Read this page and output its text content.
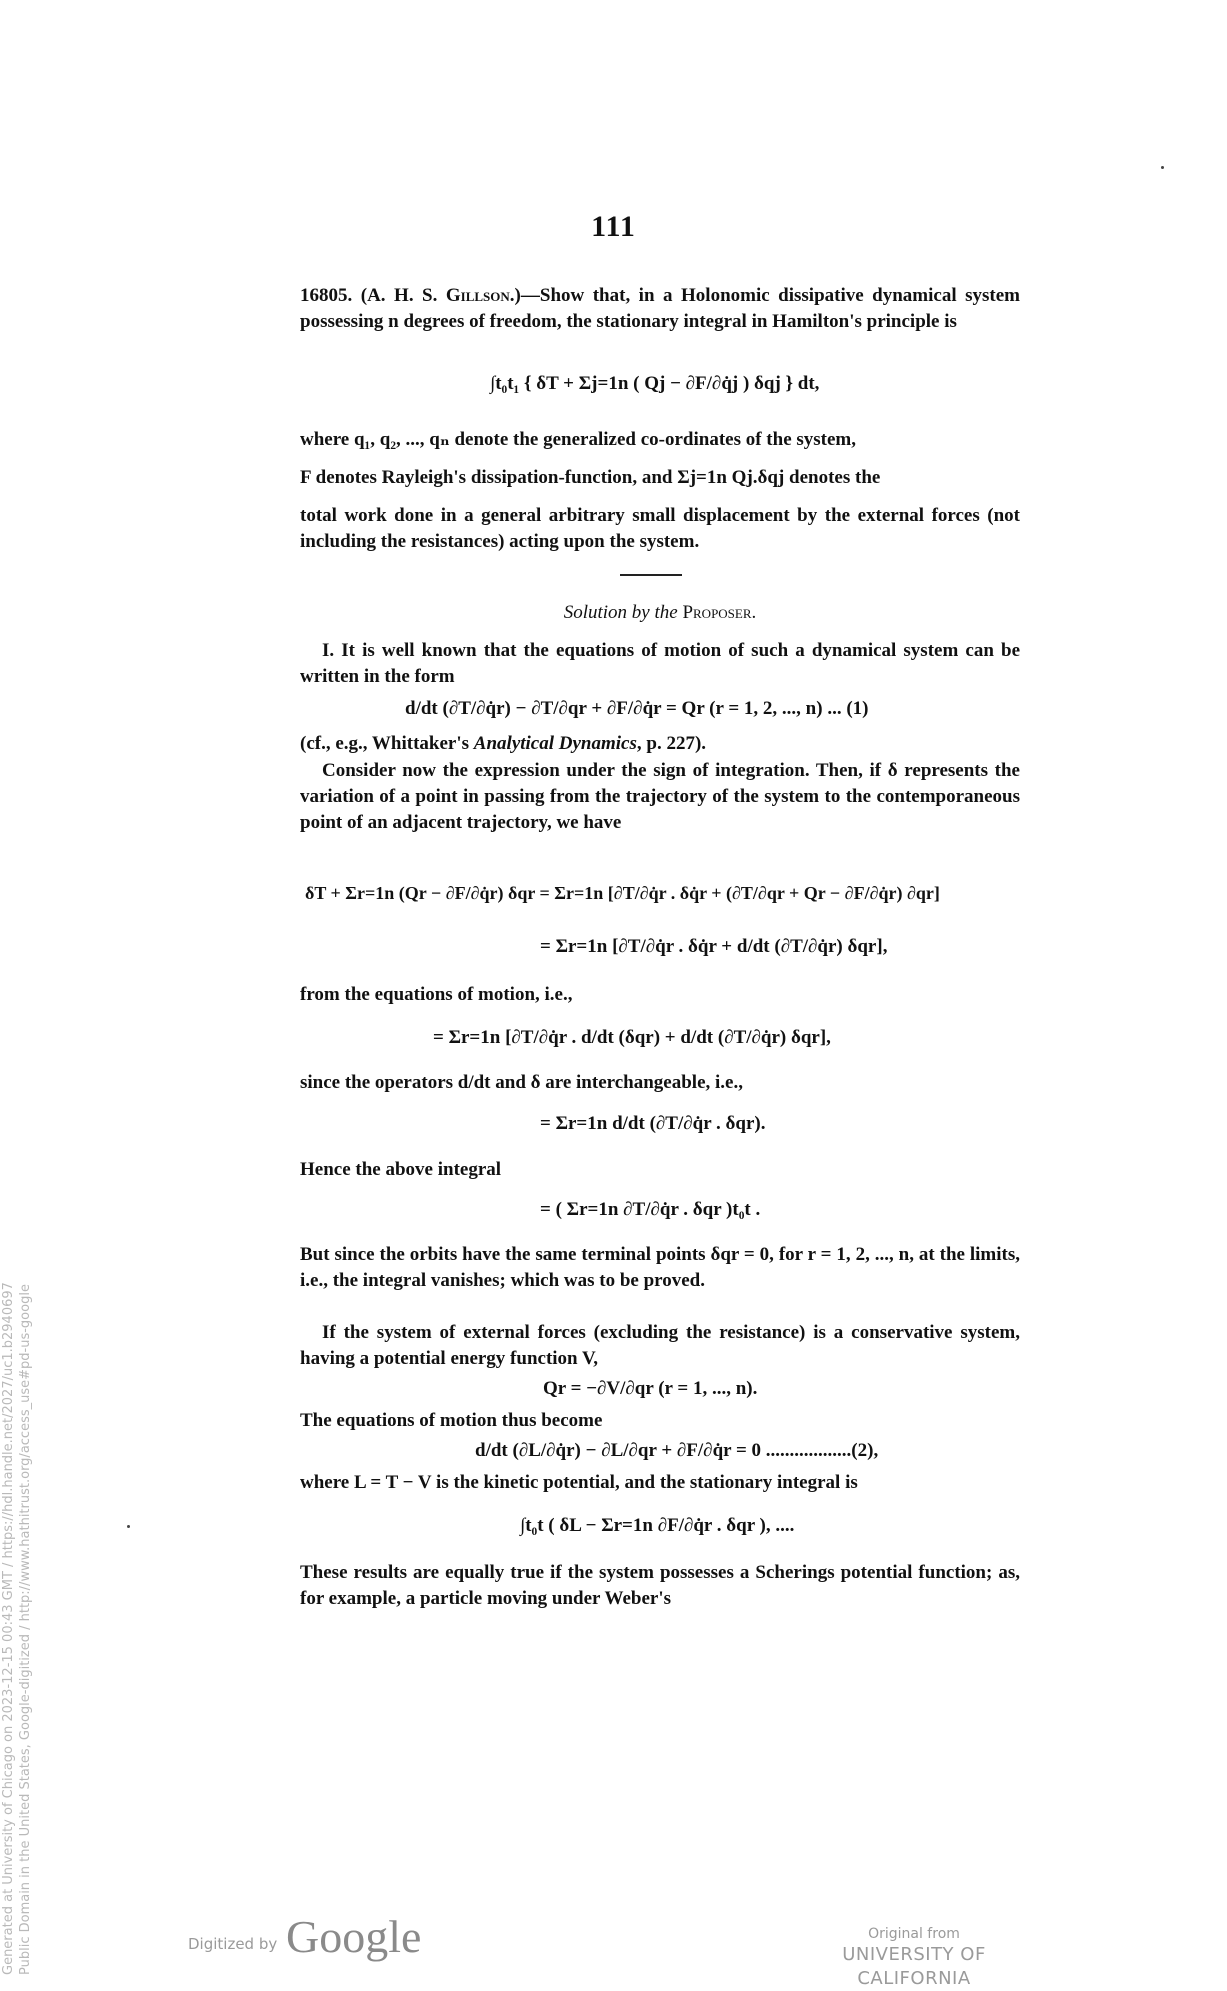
111

16805. (A. H. S. Gillson.)—Show that, in a Holonomic dissipative dynamical system possessing n degrees of freedom, the stationary integral in Hamilton's principle is

∫t₀t₁ { δT + Σj=1n ( Qj − ∂F/∂q̇j ) δqj } dt,

where q₁, q₂, ..., qₙ denote the generalized co-ordinates of the system,

F denotes Rayleigh's dissipation-function, and Σj=1n Qj.δqj denotes the

total work done in a general arbitrary small displacement by the external forces (not including the resistances) acting upon the system.

Solution by the Proposer.

I. It is well known that the equations of motion of such a dynamical system can be written in the form

d/dt (∂T/∂q̇r) − ∂T/∂qr + ∂F/∂q̇r = Qr (r = 1, 2, ..., n) ... (1)
(cf., e.g., Whittaker's Analytical Dynamics, p. 227).

Consider now the expression under the sign of integration. Then, if δ represents the variation of a point in passing from the trajectory of the system to the contemporaneous point of an adjacent trajectory, we have

δT + Σr=1n (Qr − ∂F/∂q̇r) δqr = Σr=1n [∂T/∂q̇r . δq̇r + (∂T/∂qr + Qr − ∂F/∂q̇r) ∂qr]
= Σr=1n [∂T/∂q̇r . δq̇r + d/dt (∂T/∂q̇r) δqr],
from the equations of motion, i.e.,
= Σr=1n [∂T/∂q̇r . d/dt (δqr) + d/dt (∂T/∂q̇r) δqr],
since the operators d/dt and δ are interchangeable, i.e.,
= Σr=1n d/dt (∂T/∂q̇r . δqr).
Hence the above integral
= ( Σr=1n ∂T/∂q̇r . δqr )t₀t .

But since the orbits have the same terminal points δqr = 0, for r = 1, 2, ..., n, at the limits, i.e., the integral vanishes; which was to be proved.

If the system of external forces (excluding the resistance) is a conservative system, having a potential energy function V,

Qr = −∂V/∂qr (r = 1, ..., n).
The equations of motion thus become
d/dt (∂L/∂q̇r) − ∂L/∂qr + ∂F/∂q̇r = 0 ..................(2),
where L = T − V is the kinetic potential, and the stationary integral is
∫t₀t ( δL − Σr=1n ∂F/∂q̇r . δqr ), ....

These results are equally true if the system possesses a Scherings potential function; as, for example, a particle moving under Weber's

Generated at University of Chicago on 2023-12-15 00:43 GMT / https://hdl.handle.net/2027/uc1.b2940697 Public Domain in the United States, Google-digitized / http://www.hathitrust.org/access_use#pd-us-google	Digitized by Google	Original from
UNIVERSITY OF CALIFORNIA
